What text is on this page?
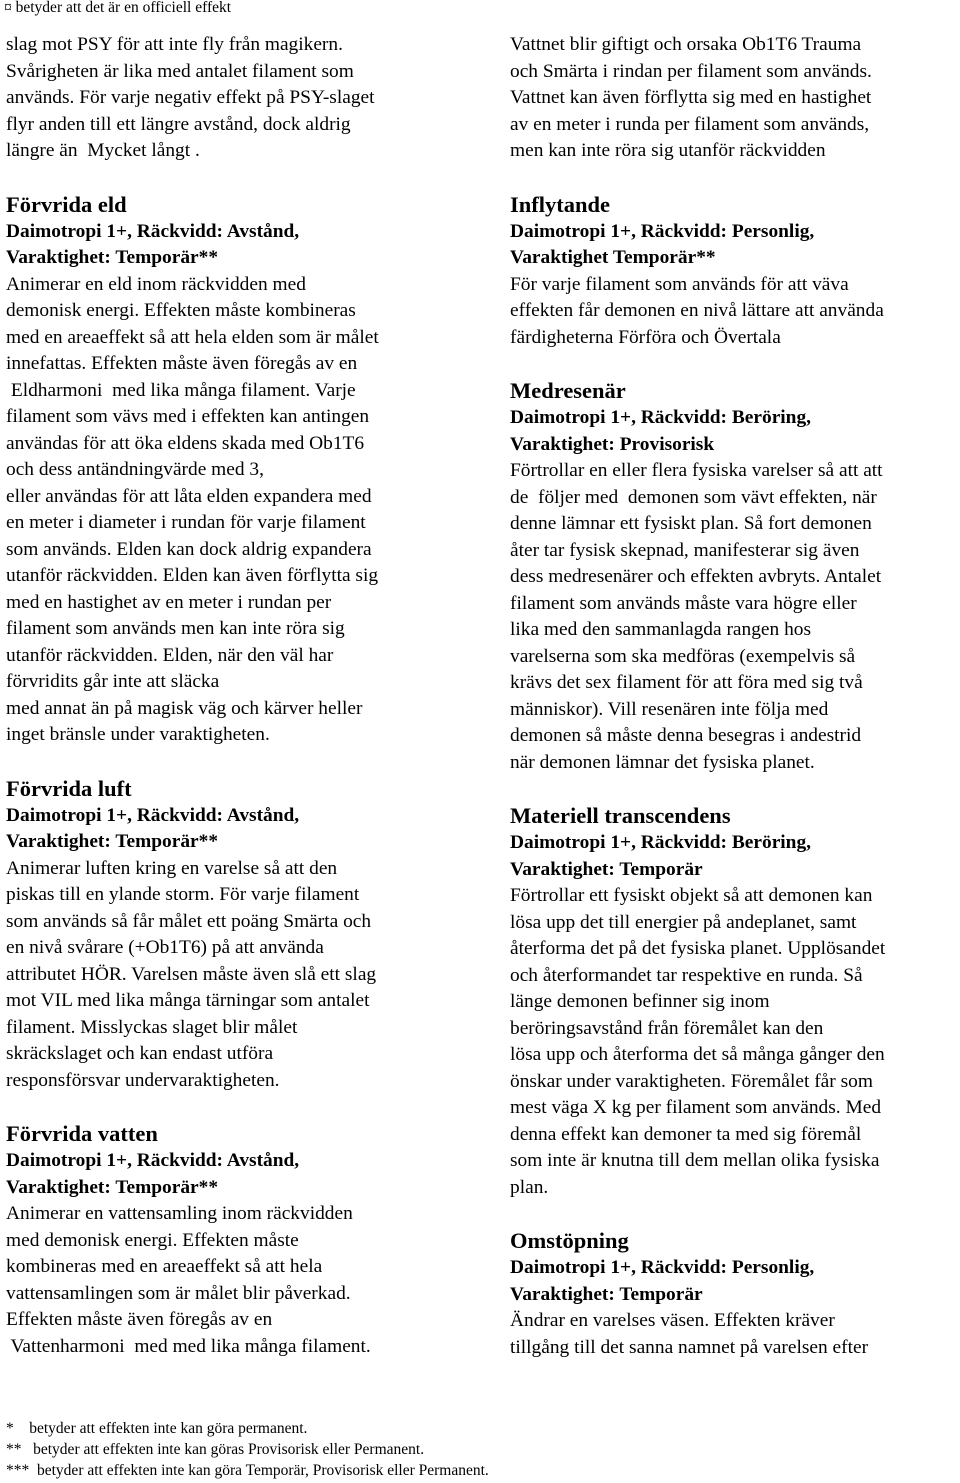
¤ betyder att det är en officiell effekt
slag mot PSY för att inte fly från magikern.
Svårigheten är lika med antalet filament som
används. För varje negativ effekt på PSY-slaget
flyr anden till ett längre avstånd, dock aldrig
längre än  Mycket långt .
Förvrida eld
Daimotropi 1+, Räckvidd: Avstånd,
Varaktighet: Temporär**
Animerar en eld inom räckvidden med
demonisk energi. Effekten måste kombineras
med en areaeffekt så att hela elden som är målet
innefattas. Effekten måste även föregås av en
Eldharmoni  med lika många filament. Varje
filament som vävs med i effekten kan antingen
användas för att öka eldens skada med Ob1T6
och dess antändningvärde med 3,
eller användas för att låta elden expandera med
en meter i diameter i rundan för varje filament
som används. Elden kan dock aldrig expandera
utanför räckvidden. Elden kan även förflytta sig
med en hastighet av en meter i rundan per
filament som används men kan inte röra sig
utanför räckvidden. Elden, när den väl har
förvridits går inte att släcka
med annat än på magisk väg och kärver heller
inget bränsle under varaktigheten.
Förvrida luft
Daimotropi 1+, Räckvidd: Avstånd,
Varaktighet: Temporär**
Animerar luften kring en varelse så att den
piskas till en ylande storm. För varje filament
som används så får målet ett poäng Smärta och
en nivå svårare (+Ob1T6) på att använda
attributet HÖR. Varelsen måste även slå ett slag
mot VIL med lika många tärningar som antalet
filament. Misslyckas slaget blir målet
skräckslaget och kan endast utföra
responsförsvar undervaraktigheten.
Förvrida vatten
Daimotropi 1+, Räckvidd: Avstånd,
Varaktighet: Temporär**
Animerar en vattensamling inom räckvidden
med demonisk energi. Effekten måste
kombineras med en areaeffekt så att hela
vattensamlingen som är målet blir påverkad.
Effekten måste även föregås av en
Vattenharmoni  med med lika många filament.
Vattnet blir giftigt och orsaka Ob1T6 Trauma
och Smärta i rindan per filament som används.
Vattnet kan även förflytta sig med en hastighet
av en meter i runda per filament som används,
men kan inte röra sig utanför räckvidden
Inflytande
Daimotropi 1+, Räckvidd: Personlig,
Varaktighet Temporär**
För varje filament som används för att väva
effekten får demonen en nivå lättare att använda
färdigheterna Förföra och Övertala
Medresenär
Daimotropi 1+, Räckvidd: Beröring,
Varaktighet: Provisorisk
Förtrollar en eller flera fysiska varelser så att att
de  följer med  demonen som vävt effekten, när
denne lämnar ett fysiskt plan. Så fort demonen
åter tar fysisk skepnad, manifesterar sig även
dess medresenärer och effekten avbryts. Antalet
filament som används måste vara högre eller
lika med den sammanlagda rangen hos
varelserna som ska medföras (exempelvis så
krävs det sex filament för att föra med sig två
människor). Vill resenären inte följa med
demonen så måste denna besegras i andestrid
när demonen lämnar det fysiska planet.
Materiell transcendens
Daimotropi 1+, Räckvidd: Beröring,
Varaktighet: Temporär
Förtrollar ett fysiskt objekt så att demonen kan
lösa upp det till energier på andeplanet, samt
återforma det på det fysiska planet. Upplösandet
och återformandet tar respektive en runda. Så
länge demonen befinner sig inom
beröringsavstånd från föremålet kan den
lösa upp och återforma det så många gånger den
önskar under varaktigheten. Föremålet får som
mest väga X kg per filament som används. Med
denna effekt kan demoner ta med sig föremål
som inte är knutna till dem mellan olika fysiska
plan.
Omstöpning
Daimotropi 1+, Räckvidd: Personlig,
Varaktighet: Temporär
Ändrar en varelses väsen. Effekten kräver
tillgång till det sanna namnet på varelsen efter
*    betyder att effekten inte kan göra permanent.
**   betyder att effekten inte kan göras Provisorisk eller Permanent.
***  betyder att effekten inte kan göra Temporär, Provisorisk eller Permanent.
